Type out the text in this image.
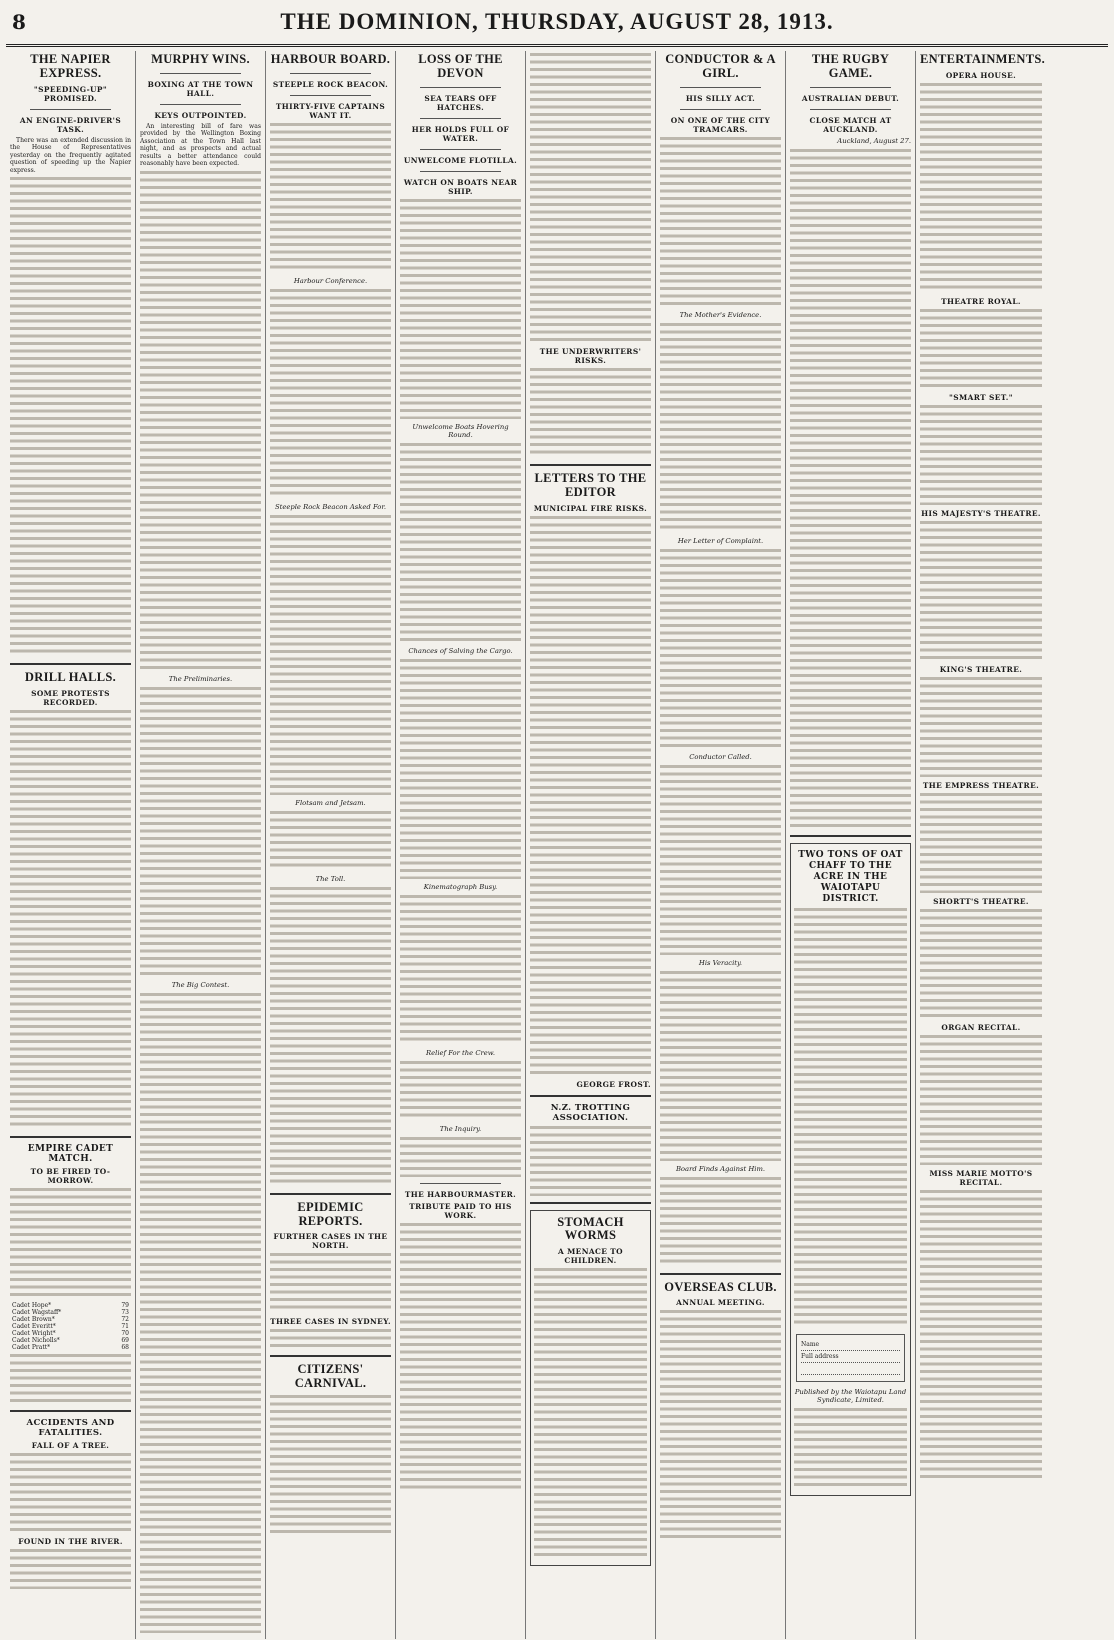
8	THE DOMINION, THURSDAY, AUGUST 28, 1913.
THE NAPIER EXPRESS.
"SPEEDING-UP" PROMISED.
AN ENGINE-DRIVER'S TASK.

There was an extended discussion in the House of Representatives yesterday on the frequently agitated question of speeding up the Napier express.

DRILL HALLS.
SOME PROTESTS RECORDED.
EMPIRE CADET MATCH.
TO BE FIRED TO-MORROW.
Cadet Hope*	79
Cadet Wagstaff*	73
Cadet Brown*	72
Cadet Everitt*	71
Cadet Wright*	70
Cadet Nicholls*	69
Cadet Pratt*	68
ACCIDENTS AND FATALITIES.
FALL OF A TREE.
FOUND IN THE RIVER.
MURPHY WINS.
BOXING AT THE TOWN HALL.
KEYS OUTPOINTED.

An interesting bill of fare was provided by the Wellington Boxing Association at the Town Hall last night, and as prospects and actual results a better attendance could reasonably have been expected.

The Preliminaries.
The Big Contest.
HARBOUR BOARD.
STEEPLE ROCK BEACON.
THIRTY-FIVE CAPTAINS WANT IT.
Harbour Conference.
Steeple Rock Beacon Asked For.
Flotsam and Jetsam.
The Toll.
EPIDEMIC REPORTS.
FURTHER CASES IN THE NORTH.
THREE CASES IN SYDNEY.
CITIZENS' CARNIVAL.
LOSS OF THE DEVON
SEA TEARS OFF HATCHES.
HER HOLDS FULL OF WATER.
UNWELCOME FLOTILLA.
WATCH ON BOATS NEAR SHIP.
Unwelcome Boats Hovering Round.
Chances of Salving the Cargo.
Kinematograph Busy.
Relief For the Crew.
The Inquiry.
THE HARBOURMASTER.
TRIBUTE PAID TO HIS WORK.
THE UNDERWRITERS' RISKS.
LETTERS TO THE EDITOR
MUNICIPAL FIRE RISKS.
GEORGE FROST.
N.Z. TROTTING ASSOCIATION.
STOMACH WORMS
A MENACE TO CHILDREN.
CONDUCTOR & A GIRL.
HIS SILLY ACT.
ON ONE OF THE CITY TRAMCARS.
The Mother's Evidence.
Her Letter of Complaint.
Conductor Called.
His Veracity.
Board Finds Against Him.
OVERSEAS CLUB.
ANNUAL MEETING.
THE RUGBY GAME.
AUSTRALIAN DEBUT.
CLOSE MATCH AT AUCKLAND.
Auckland, August 27.
TWO TONS OF OAT CHAFF TO THE ACRE IN THE WAIOTAPU DISTRICT.
Name
Full address
Published by the Waiotapu Land Syndicate, Limited.
ENTERTAINMENTS.
OPERA HOUSE.
THEATRE ROYAL.
"SMART SET."
HIS MAJESTY'S THEATRE.
KING'S THEATRE.
THE EMPRESS THEATRE.
SHORTT'S THEATRE.
ORGAN RECITAL.
MISS MARIE MOTTO'S RECITAL.
